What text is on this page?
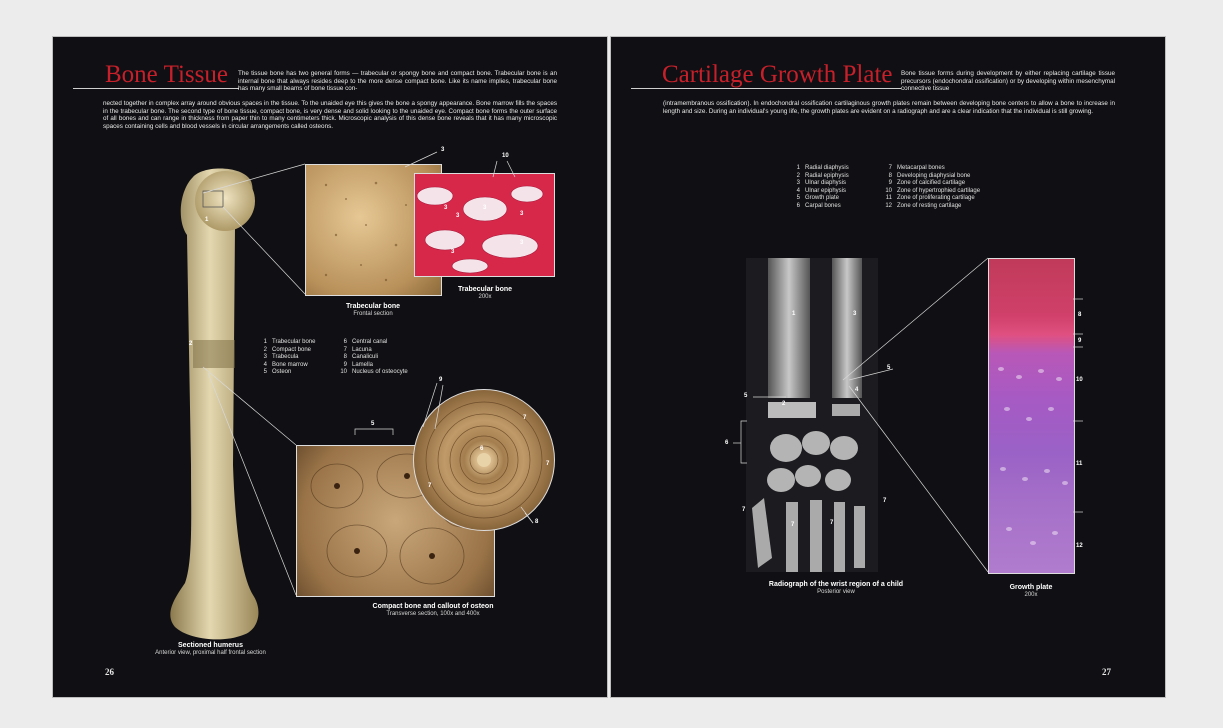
Bone Tissue The tissue bone has two general forms — trabecular or spongy bone and compact bone. Trabecular bone is an internal bone that always resides deep to the more dense compact bone. Like its name implies, trabecular bone has many small beams of bone tissue con-

nected together in complex array around obvious spaces in the tissue. To the unaided eye this gives the bone a spongy appearance. Bone marrow fills the spaces in the trabecular bone. The second type of bone tissue, compact bone, is very dense and solid looking to the unaided eye. Compact bone forms the outer surface of all bones and can range in thickness from paper thin to many centimeters thick. Microscopic analysis of this dense bone reveals that it has many microscopic spaces containing cells and blood vessels in circular arrangements called osteons.

1
2
3
10
3	3
3	3
3
3
Trabecular bone
Frontal section
Trabecular bone
200x
1 Trabecular bone
2 Compact bone
3 Trabecula
4 Bone marrow
5 Osteon
6 Central canal
7 Lacuna
8 Canaliculi
9 Lamella
10 Nucleus of osteocyte
5
9
6
7
7
7
8
Compact bone and callout of osteon
Transverse section, 100x and 400x
Sectioned humerus
Anterior view, proximal half frontal section
26
Cartilage Growth Plate Bone tissue forms during development by either replacing cartilage tissue precursors (endochondral ossification) or by developing within mesenchymal connective tissue

(intramembranous ossification). In endochondral ossification cartilaginous growth plates remain between developing bone centers to allow a bone to increase in length and size. During an individual's young life, the growth plates are evident on a radiograph and are a clear indication that the individual is still growing.

1 Radial diaphysis
2 Radial epiphysis
3 Ulnar diaphysis
4 Ulnar epiphysis
5 Growth plate
6 Carpal bones
7 Metacarpal bones
8 Developing diaphysial bone
9 Zone of calcified cartilage
10 Zone of hypertrophied cartilage
11 Zone of proliferating cartilage
12 Zone of resting cartilage
1	3
2
4
5
5
6
7
7	7
7
8
9
10
11
12
Radiograph of the wrist region of a child
Posterior view
Growth plate
200x
27
